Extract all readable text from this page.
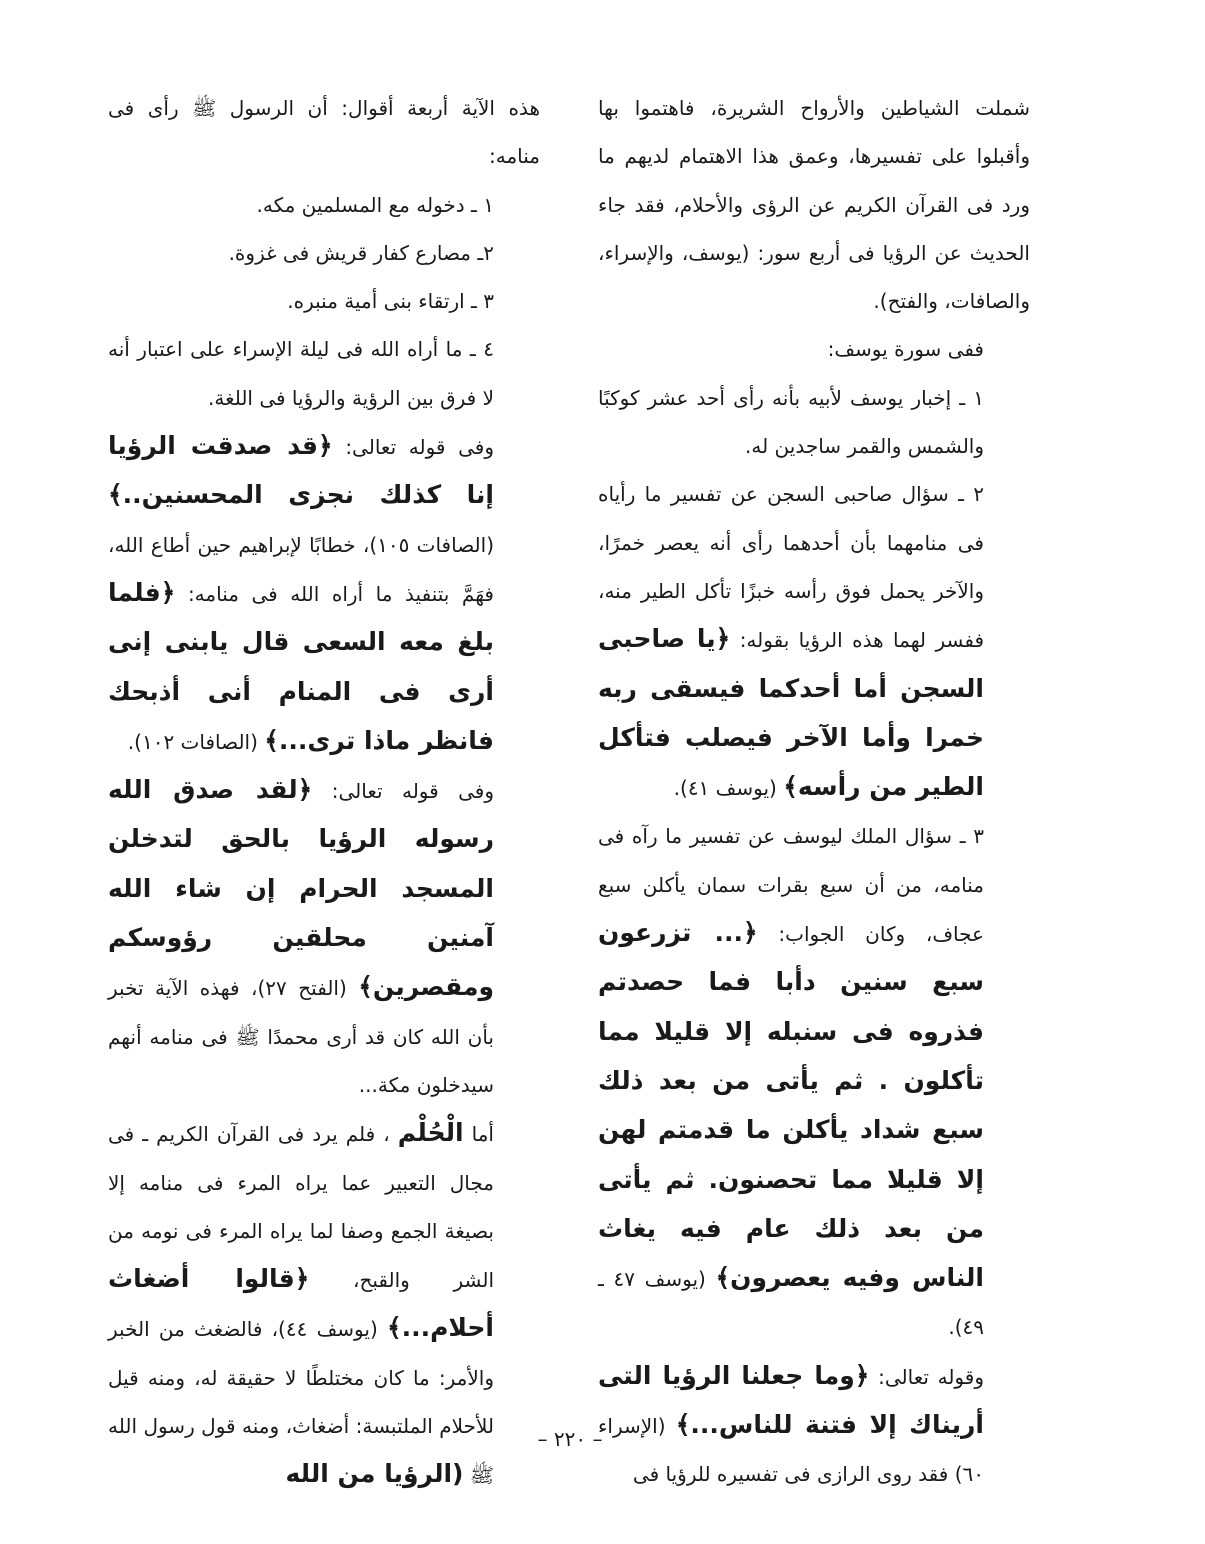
شملت الشياطين والأرواح الشريرة، فاهتموا بها وأقبلوا على تفسيرها، وعمق هذا الاهتمام لديهم ما ورد فى القرآن الكريم عن الرؤى والأحلام، فقد جاء الحديث عن الرؤيا فى أربع سور: (يوسف، والإسراء، والصافات، والفتح).

ففى سورة يوسف:

١ ـ إخبار يوسف لأبيه بأنه رأى أحد عشر كوكبًا والشمس والقمر ساجدين له.

٢ ـ سؤال صاحبى السجن عن تفسير ما رأياه فى منامهما بأن أحدهما رأى أنه يعصر خمرًا، والآخر يحمل فوق رأسه خبزًا تأكل الطير منه، ففسر لهما هذه الرؤيا بقوله: ﴿يا صاحبى السجن أما أحدكما فيسقى ربه خمرا وأما الآخر فيصلب فتأكل الطير من رأسه﴾ (يوسف ٤١).

٣ ـ سؤال الملك ليوسف عن تفسير ما رآه فى منامه، من أن سبع بقرات سمان يأكلن سبع عجاف، وكان الجواب: ﴿... تزرعون سبع سنين دأبا فما حصدتم فذروه فى سنبله إلا قليلا مما تأكلون . ثم يأتى من بعد ذلك سبع شداد يأكلن ما قدمتم لهن إلا قليلا مما تحصنون. ثم يأتى من بعد ذلك عام فيه يغاث الناس وفيه يعصرون﴾ (يوسف ٤٧ ـ ٤٩).

وقوله تعالى: ﴿وما جعلنا الرؤيا التى أريناك إلا فتنة للناس...﴾ (الإسراء ٦٠) فقد روى الرازى فى تفسيره للرؤيا فى

هذه الآية أربعة أقوال: أن الرسول ﷺ رأى فى منامه:

١ ـ دخوله مع المسلمين مكه.

٢ـ مصارع كفار قريش فى غزوة.

٣ ـ ارتقاء بنى أمية منبره.

٤ ـ ما أراه الله فى ليلة الإسراء على اعتبار أنه لا فرق بين الرؤية والرؤيا فى اللغة.

وفى قوله تعالى: ﴿قد صدقت الرؤيا إنا كذلك نجزى المحسنين..﴾ (الصافات ١٠٥)، خطابًا لإبراهيم حين أطاع الله، فهَمَّ بتنفيذ ما أراه الله فى منامه: ﴿فلما بلغ معه السعى قال يابنى إنى أرى فى المنام أنى أذبحك فانظر ماذا ترى...﴾ (الصافات ١٠٢).

وفى قوله تعالى: ﴿لقد صدق الله رسوله الرؤيا بالحق لتدخلن المسجد الحرام إن شاء الله آمنين محلقين رؤوسكم ومقصرين﴾ (الفتح ٢٧)، فهذه الآية تخبر بأن الله كان قد أرى محمدًا ﷺ فى منامه أنهم سيدخلون مكة...

أما الْحُلْم ، فلم يرد فى القرآن الكريم ـ فى مجال التعبير عما يراه المرء فى منامه إلا بصيغة الجمع وصفا لما يراه المرء فى نومه من الشر والقبح، ﴿قالوا أضغاث أحلام...﴾ (يوسف ٤٤)، فالضغث من الخبر والأمر: ما كان مختلطًا لا حقيقة له، ومنه قيل للأحلام الملتبسة: أضغاث، ومنه قول رسول الله ﷺ (الرؤيا من الله

– ٢٢٠ –
